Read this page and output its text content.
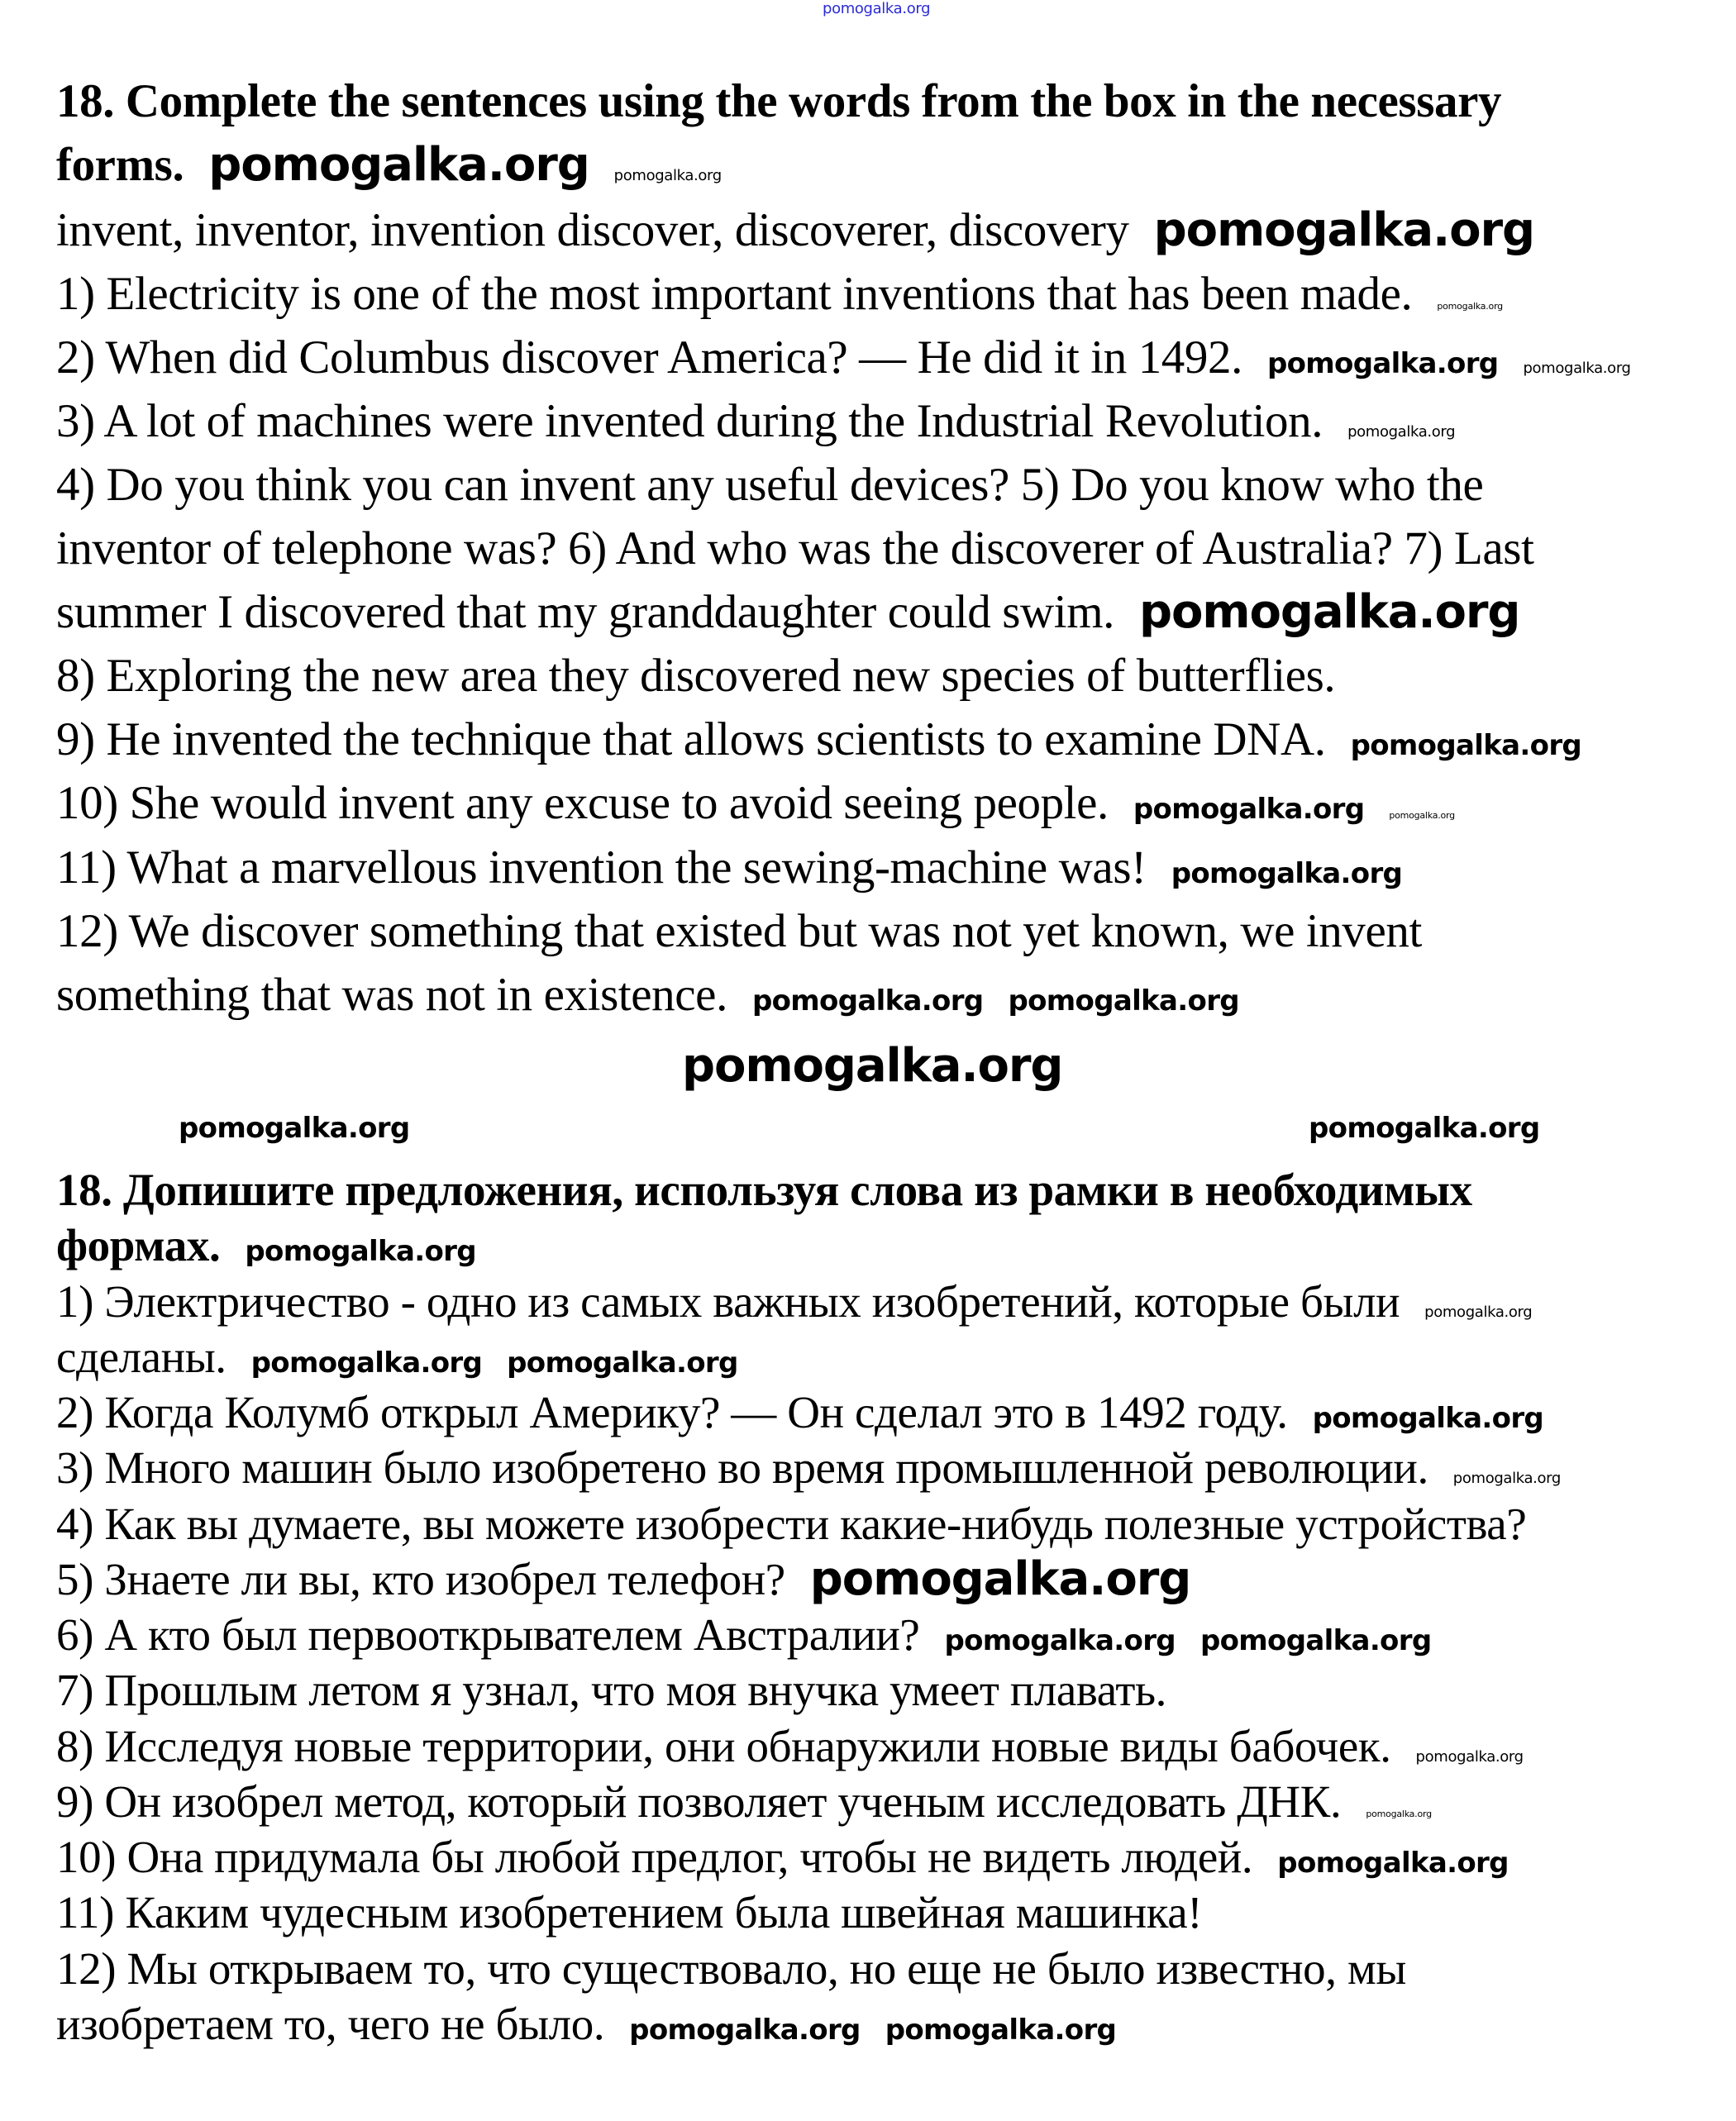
pomogalka.org
18. Complete the sentences using the words from the box in the necessary
forms. pomogalka.org pomogalka.org
invent, inventor, invention discover, discoverer, discovery pomogalka.org
1) Electricity is one of the most important inventions that has been made.	pomogalka.org
2) When did Columbus discover America? — He did it in 1492. pomogalka.org pomogalka.org
3) A lot of machines were invented during the Industrial Revolution. pomogalka.org
4) Do you think you can invent any useful devices? 5) Do you know who the
inventor of telephone was? 6) And who was the discoverer of Australia? 7) Last
summer I discovered that my granddaughter could swim. pomogalka.org
8) Exploring the new area they discovered new species of butterflies.
9) He invented the technique that allows scientists to examine DNA. pomogalka.org
10) She would invent any excuse to avoid seeing people. pomogalka.org	pomogalka.org
11) What a marvellous invention the sewing-machine was! pomogalka.org
12) We discover something that existed but was not yet known, we invent
something that was not in existence. pomogalka.org pomogalka.org
pomogalka.org
pomogalka.org	pomogalka.org
18. Допишите предложения, используя слова из рамки в необходимых
формах. pomogalka.org
1) Электричество - одно из самых важных изобретений, которые были pomogalka.org
сделаны. pomogalka.org pomogalka.org
2) Когда Колумб открыл Америку? — Он сделал это в 1492 году. pomogalka.org
3) Много машин было изобретено во время промышленной революции. pomogalka.org
4) Как вы думаете, вы можете изобрести какие-нибудь полезные устройства?
5) Знаете ли вы, кто изобрел телефон? pomogalka.org
6) А кто был первооткрывателем Австралии? pomogalka.org pomogalka.org
7) Прошлым летом я узнал, что моя внучка умеет плавать.
8) Исследуя новые территории, они обнаружили новые виды бабочек. pomogalka.org
9) Он изобрел метод, который позволяет ученым исследовать ДНК.	pomogalka.org
10) Она придумала бы любой предлог, чтобы не видеть людей. pomogalka.org
11) Каким чудесным изобретением была швейная машинка!
12) Мы открываем то, что существовало, но еще не было известно, мы
изобретаем то, чего не было. pomogalka.org pomogalka.org
